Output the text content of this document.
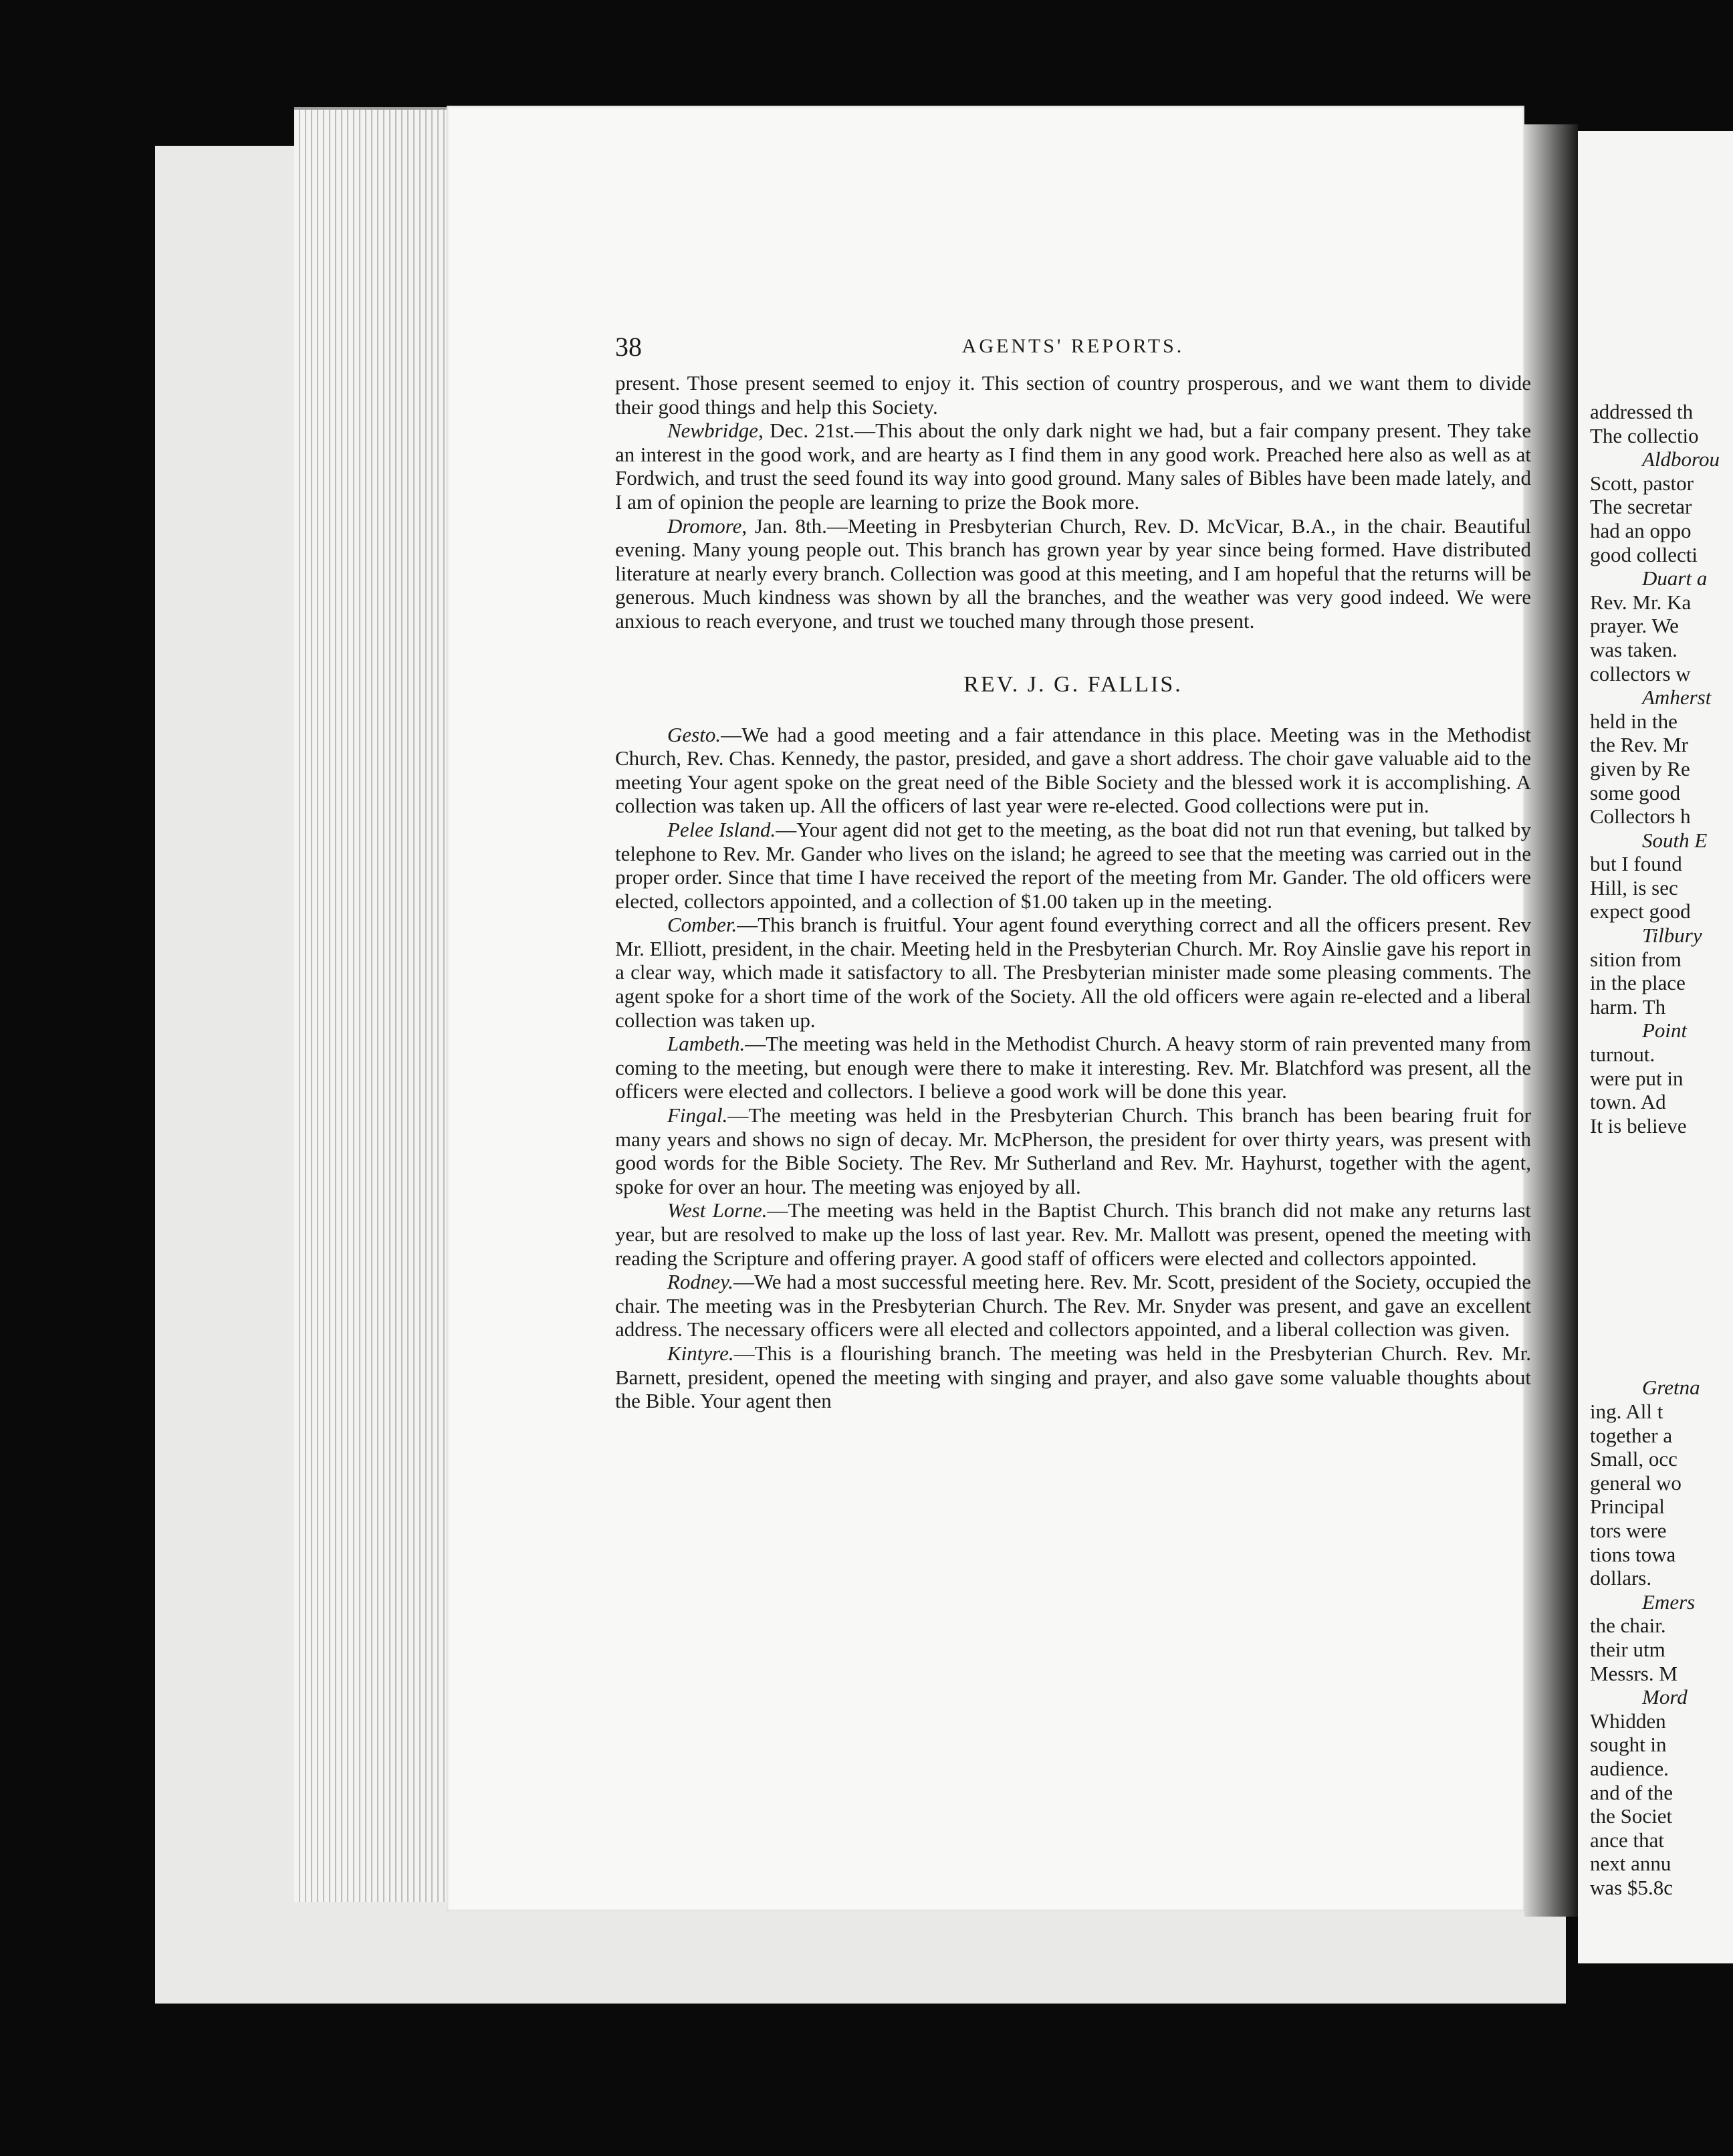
addressed th
The collectio
Aldborou
Scott, pastor
The secretar
had an oppo
good collecti
Duart a
Rev. Mr. Ka
prayer. We
was taken.
collectors w
Amherst
held in the
the Rev. Mr
given by Re
some good
Collectors h
South E
but I found
Hill, is sec
expect good
Tilbury
sition from
in the place
harm. Th
Point
turnout.
were put in
town. Ad
It is believe
Gretna
ing. All t
together a
Small, occ
general wo
Principal
tors were
tions towa
dollars.
Emers
the chair.
their utm
Messrs. M
Mord
Whidden
sought in
audience.
and of the
the Societ
ance that
next annu
was $5.8c
38	AGENTS' REPORTS.

present. Those present seemed to enjoy it. This section of country prosperous, and we want them to divide their good things and help this Society.

Newbridge, Dec. 21st.—This about the only dark night we had, but a fair company present. They take an interest in the good work, and are hearty as I find them in any good work. Preached here also as well as at Fordwich, and trust the seed found its way into good ground. Many sales of Bibles have been made lately, and I am of opinion the people are learning to prize the Book more.

Dromore, Jan. 8th.—Meeting in Presbyterian Church, Rev. D. McVicar, B.A., in the chair. Beautiful evening. Many young people out. This branch has grown year by year since being formed. Have distributed literature at nearly every branch. Collection was good at this meeting, and I am hopeful that the returns will be generous. Much kindness was shown by all the branches, and the weather was very good indeed. We were anxious to reach everyone, and trust we touched many through those present.

REV. J. G. FALLIS.

Gesto.—We had a good meeting and a fair attendance in this place. Meeting was in the Methodist Church, Rev. Chas. Kennedy, the pastor, presided, and gave a short address. The choir gave valuable aid to the meeting Your agent spoke on the great need of the Bible Society and the blessed work it is accomplishing. A collection was taken up. All the officers of last year were re-elected. Good collections were put in.

Pelee Island.—Your agent did not get to the meeting, as the boat did not run that evening, but talked by telephone to Rev. Mr. Gander who lives on the island; he agreed to see that the meeting was carried out in the proper order. Since that time I have received the report of the meeting from Mr. Gander. The old officers were elected, collectors appointed, and a collection of $1.00 taken up in the meeting.

Comber.—This branch is fruitful. Your agent found everything correct and all the officers present. Rev Mr. Elliott, president, in the chair. Meeting held in the Presbyterian Church. Mr. Roy Ainslie gave his report in a clear way, which made it satisfactory to all. The Presbyterian minister made some pleasing comments. The agent spoke for a short time of the work of the Society. All the old officers were again re-elected and a liberal collection was taken up.

Lambeth.—The meeting was held in the Methodist Church. A heavy storm of rain prevented many from coming to the meeting, but enough were there to make it interesting. Rev. Mr. Blatchford was present, all the officers were elected and collectors. I believe a good work will be done this year.

Fingal.—The meeting was held in the Presbyterian Church. This branch has been bearing fruit for many years and shows no sign of decay. Mr. McPherson, the president for over thirty years, was present with good words for the Bible Society. The Rev. Mr Sutherland and Rev. Mr. Hayhurst, together with the agent, spoke for over an hour. The meeting was enjoyed by all.

West Lorne.—The meeting was held in the Baptist Church. This branch did not make any returns last year, but are resolved to make up the loss of last year. Rev. Mr. Mallott was present, opened the meeting with reading the Scripture and offering prayer. A good staff of officers were elected and collectors appointed.

Rodney.—We had a most successful meeting here. Rev. Mr. Scott, president of the Society, occupied the chair. The meeting was in the Presbyterian Church. The Rev. Mr. Snyder was present, and gave an excellent address. The necessary officers were all elected and collectors appointed, and a liberal collection was given.

Kintyre.—This is a flourishing branch. The meeting was held in the Presbyterian Church. Rev. Mr. Barnett, president, opened the meeting with singing and prayer, and also gave some valuable thoughts about the Bible. Your agent then
